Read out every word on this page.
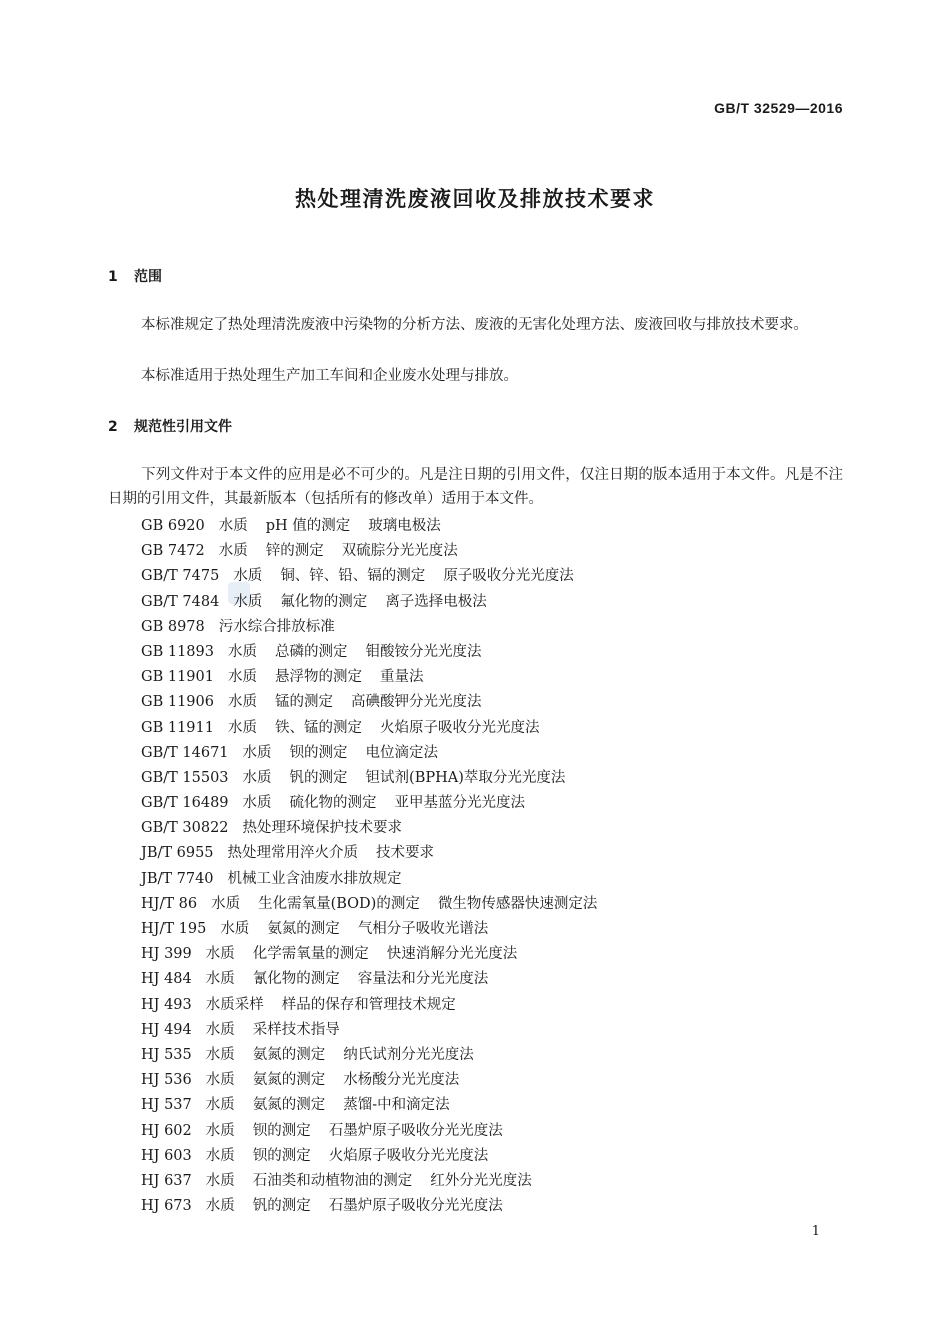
GB/T 32529—2016
热处理清洗废液回收及排放技术要求
1 范围
本标准规定了热处理清洗废液中污染物的分析方法、废液的无害化处理方法、废液回收与排放技术要求。
本标准适用于热处理生产加工车间和企业废水处理与排放。
2 规范性引用文件
下列文件对于本文件的应用是必不可少的。凡是注日期的引用文件，仅注日期的版本适用于本文件。凡是不注日期的引用文件，其最新版本（包括所有的修改单）适用于本文件。
GB 6920 水质 pH 值的测定 玻璃电极法
GB 7472 水质 锌的测定 双硫腙分光光度法
GB/T 7475 水质 铜、锌、铅、镉的测定 原子吸收分光光度法
GB/T 7484 水质 氟化物的测定 离子选择电极法
GB 8978 污水综合排放标准
GB 11893 水质 总磷的测定 钼酸铵分光光度法
GB 11901 水质 悬浮物的测定 重量法
GB 11906 水质 锰的测定 高碘酸钾分光光度法
GB 11911 水质 铁、锰的测定 火焰原子吸收分光光度法
GB/T 14671 水质 钡的测定 电位滴定法
GB/T 15503 水质 钒的测定 钽试剂(BPHA)萃取分光光度法
GB/T 16489 水质 硫化物的测定 亚甲基蓝分光光度法
GB/T 30822 热处理环境保护技术要求
JB/T 6955 热处理常用淬火介质 技术要求
JB/T 7740 机械工业含油废水排放规定
HJ/T 86 水质 生化需氧量(BOD)的测定 微生物传感器快速测定法
HJ/T 195 水质 氨氮的测定 气相分子吸收光谱法
HJ 399 水质 化学需氧量的测定 快速消解分光光度法
HJ 484 水质 氰化物的测定 容量法和分光光度法
HJ 493 水质采样 样品的保存和管理技术规定
HJ 494 水质 采样技术指导
HJ 535 水质 氨氮的测定 纳氏试剂分光光度法
HJ 536 水质 氨氮的测定 水杨酸分光光度法
HJ 537 水质 氨氮的测定 蒸馏-中和滴定法
HJ 602 水质 钡的测定 石墨炉原子吸收分光光度法
HJ 603 水质 钡的测定 火焰原子吸收分光光度法
HJ 637 水质 石油类和动植物油的测定 红外分光光度法
HJ 673 水质 钒的测定 石墨炉原子吸收分光光度法
1
